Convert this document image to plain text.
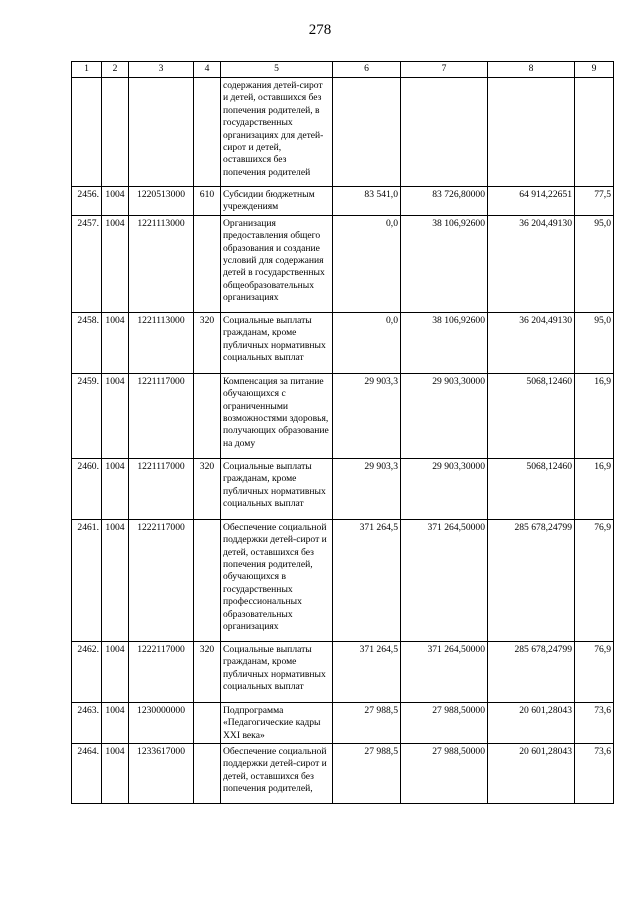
278
1	2	3	4	5	6	7	8	9
				содержания детей-сирот и детей, оставшихся без попечения родителей, в государственных организациях для детей-сирот и детей, оставшихся без попечения родителей				
2456.	1004	1220513000	610	Субсидии бюджетным учреждениям	83 541,0	83 726,80000	64 914,22651	77,5
2457.	1004	1221113000		Организация предоставления общего образования и создание условий для содержания детей в государственных общеобразовательных организациях	0,0	38 106,92600	36 204,49130	95,0
2458.	1004	1221113000	320	Социальные выплаты гражданам, кроме публичных нормативных социальных выплат	0,0	38 106,92600	36 204,49130	95,0
2459.	1004	1221117000		Компенсация за питание обучающихся с ограниченными возможностями здоровья, получающих образование на дому	29 903,3	29 903,30000	5068,12460	16,9
2460.	1004	1221117000	320	Социальные выплаты гражданам, кроме публичных нормативных социальных выплат	29 903,3	29 903,30000	5068,12460	16,9
2461.	1004	1222117000		Обеспечение социальной поддержки детей-сирот и детей, оставшихся без попечения родителей, обучающихся в государственных профессиональных образовательных организациях	371 264,5	371 264,50000	285 678,24799	76,9
2462.	1004	1222117000	320	Социальные выплаты гражданам, кроме публичных нормативных социальных выплат	371 264,5	371 264,50000	285 678,24799	76,9
2463.	1004	1230000000		Подпрограмма «Педагогические кадры XXI века»	27 988,5	27 988,50000	20 601,28043	73,6
2464.	1004	1233617000		Обеспечение социальной поддержки детей-сирот и детей, оставшихся без попечения родителей,	27 988,5	27 988,50000	20 601,28043	73,6
